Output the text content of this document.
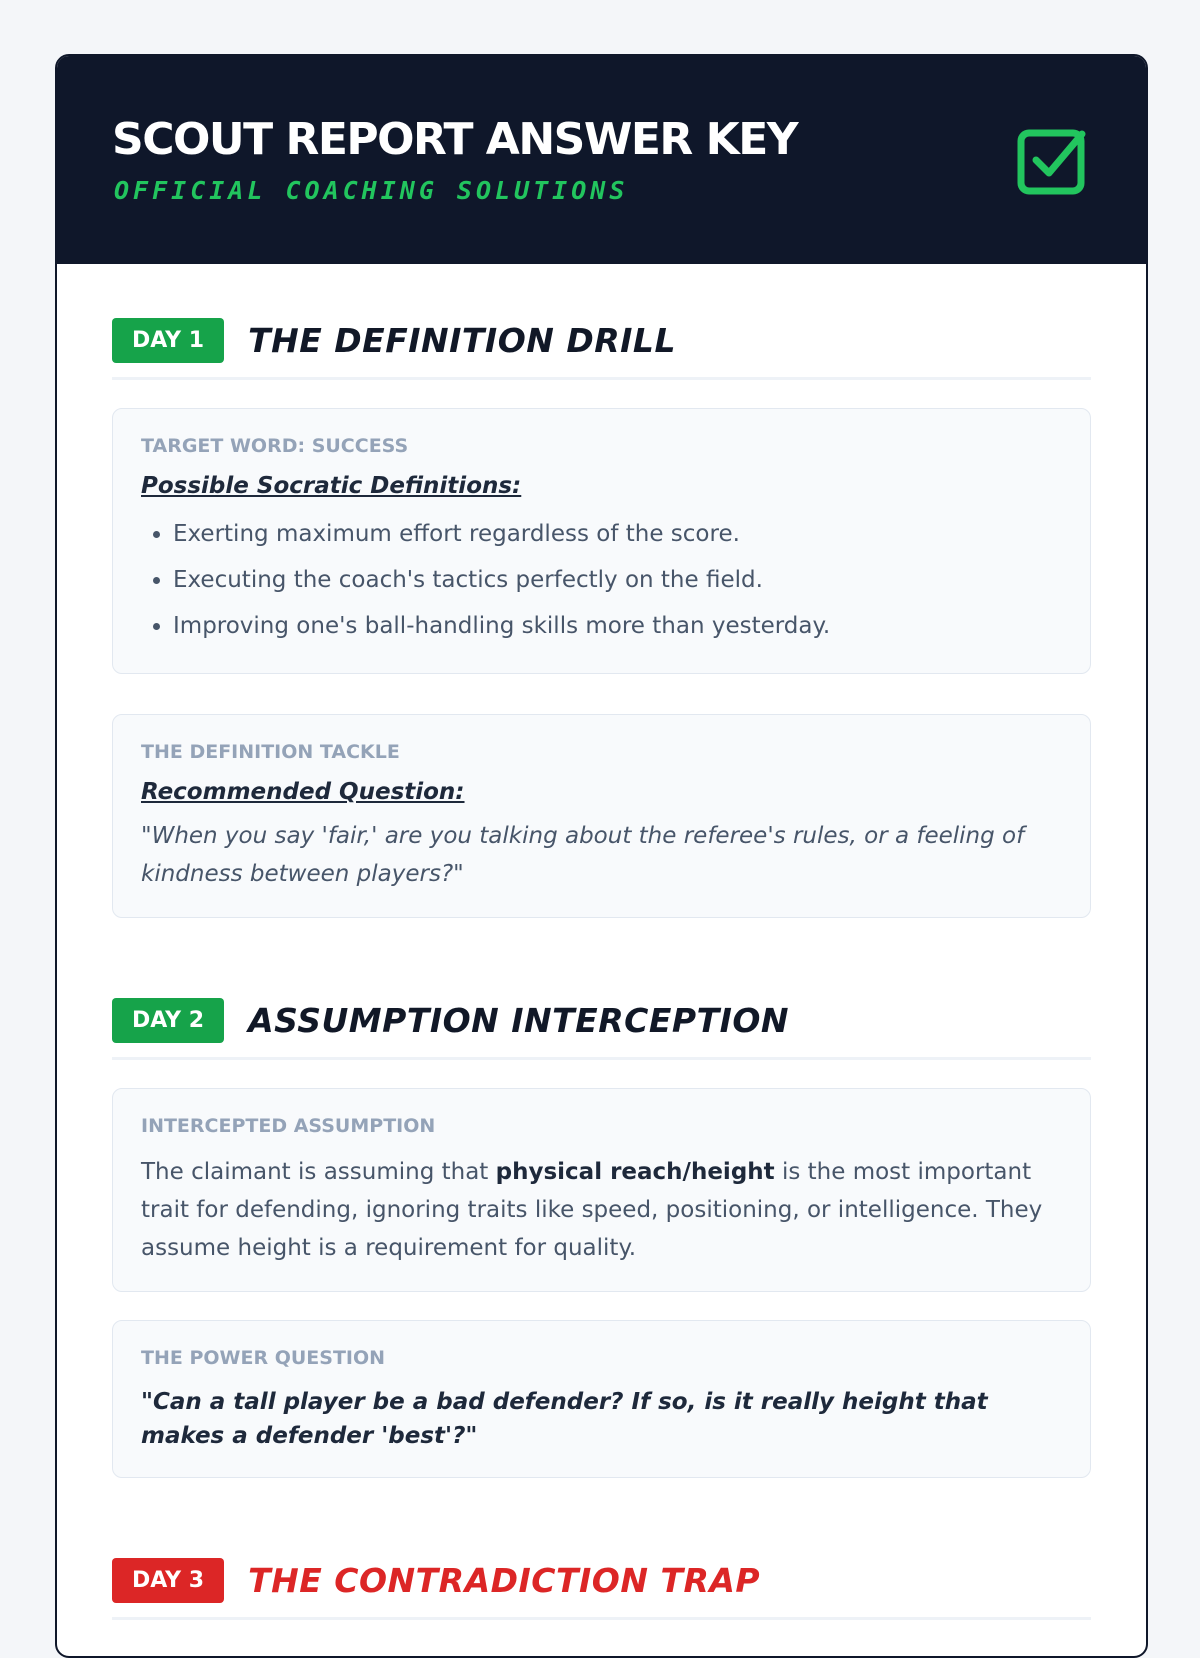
SCOUT REPORT ANSWER KEY
OFFICIAL COACHING SOLUTIONS
DAY 1	THE DEFINITION DRILL
TARGET WORD: SUCCESS
Possible Socratic Definitions:
• Exerting maximum effort regardless of the score.
• Executing the coach's tactics perfectly on the field.
• Improving one's ball-handling skills more than yesterday.
THE DEFINITION TACKLE
Recommended Question:
"When you say 'fair,' are you talking about the referee's rules, or a feeling of kindness between players?"
DAY 2	ASSUMPTION INTERCEPTION
INTERCEPTED ASSUMPTION
The claimant is assuming that physical reach/height is the most important trait for defending, ignoring traits like speed, positioning, or intelligence. They assume height is a requirement for quality.
THE POWER QUESTION
"Can a tall player be a bad defender? If so, is it really height that makes a defender 'best'?"
DAY 3	THE CONTRADICTION TRAP
